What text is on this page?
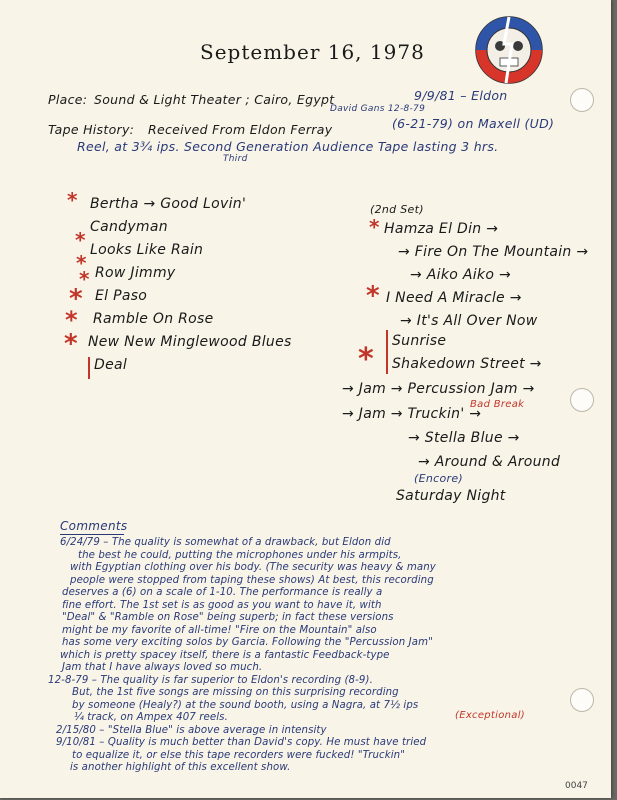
September 16, 1978
Place: Sound & Light Theater ; Cairo, Egypt	9/9/81 – Eldon
David Gans 12-8-79
Tape History: Received From Eldon Ferray	(6-21-79) on Maxell (UD)
Reel, at 3¾ ips. Second Generation Audience Tape lasting 3 hrs.
Third
* Bertha → Good Lovin'
Candyman
* Looks Like Rain
* Row Jimmy
*
El Paso
*
Ramble On Rose
*
New New Minglewood Blues
*
Deal
(2nd Set)
* Hamza El Din →
→ Fire On The Mountain →
→ Aiko Aiko →
* I Need A Miracle →
→ It's All Over Now
*
Sunrise
Shakedown Street →
→ Jam → Percussion Jam →
→ Jam → Truckin' →
Bad Break
→ Stella Blue →
→ Around & Around
(Encore)
Saturday Night
Comments
6/24/79 – The quality is somewhat of a drawback, but Eldon did
the best he could, putting the microphones under his armpits,
with Egyptian clothing over his body. (The security was heavy & many
people were stopped from taping these shows) At best, this recording
deserves a (6) on a scale of 1-10. The performance is really a
fine effort. The 1st set is as good as you want to have it, with
"Deal" & "Ramble on Rose" being superb; in fact these versions
might be my favorite of all-time! "Fire on the Mountain" also
has some very exciting solos by Garcia. Following the "Percussion Jam"
which is pretty spacey itself, there is a fantastic Feedback-type
Jam that I have always loved so much.
12-8-79 – The quality is far superior to Eldon's recording (8-9).
But, the 1st five songs are missing on this surprising recording
by someone (Healy?) at the sound booth, using a Nagra, at 7½ ips
¼ track, on Ampex 407 reels.
2/15/80 – "Stella Blue" is above average in intensity
9/10/81 – Quality is much better than David's copy. He must have tried
to equalize it, or else this tape recorders were fucked! "Truckin"
is another highlight of this excellent show.
(Exceptional)
0047
